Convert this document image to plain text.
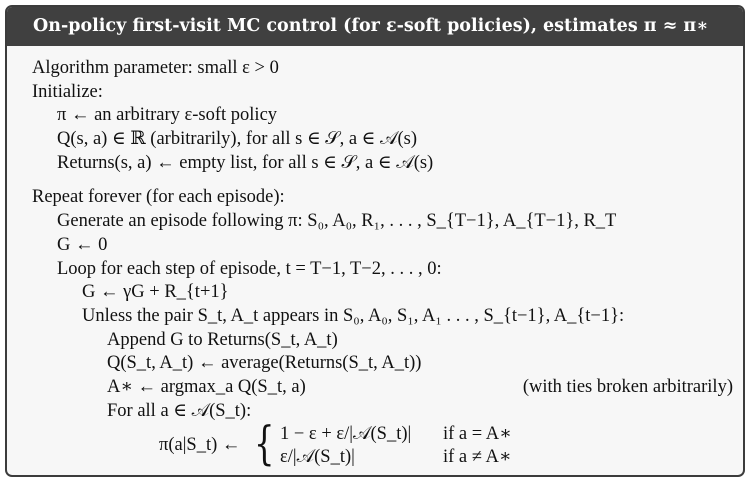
On-policy first-visit MC control (for ε-soft policies), estimates π ≈ π∗
Algorithm parameter: small ε > 0
Initialize:
π ← an arbitrary ε-soft policy
Q(s, a) ∈ ℝ (arbitrarily), for all s ∈ 𝒮, a ∈ 𝒜(s)
Returns(s, a) ← empty list, for all s ∈ 𝒮, a ∈ 𝒜(s)
Repeat forever (for each episode):
Generate an episode following π: S₀, A₀, R₁, . . . , S_{T−1}, A_{T−1}, R_T
G ← 0
Loop for each step of episode, t = T−1, T−2, . . . , 0:
G ← γG + R_{t+1}
Unless the pair S_t, A_t appears in S₀, A₀, S₁, A₁ . . . , S_{t−1}, A_{t−1}:
Append G to Returns(S_t, A_t)
Q(S_t, A_t) ← average(Returns(S_t, A_t))
A∗ ← argmax_a Q(S_t, a)	(with ties broken arbitrarily)
For all a ∈ 𝒜(S_t):
π(a|S_t) ← { 1 − ε + ε/|𝒜(S_t)| if a = A∗
ε/|𝒜(S_t)|	if a ≠ A∗
